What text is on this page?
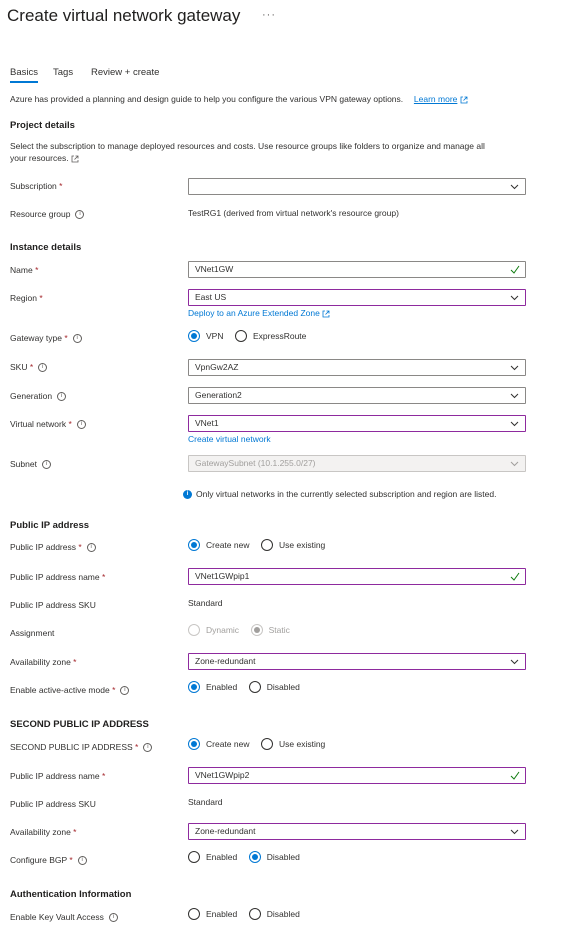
Create virtual network gateway ···
Basics Tags Review + create
Azure has provided a planning and design guide to help you configure the various VPN gateway options. Learn more
Project details
Select the subscription to manage deployed resources and costs. Use resource groups like folders to organize and manage all
your resources.
Subscription *
Resource group i	TestRG1 (derived from virtual network's resource group)
Instance details
Name *	VNet1GW
Region *	East US
Deploy to an Azure Extended Zone
Gateway type * i	VPN	ExpressRoute
SKU * i	VpnGw2AZ
Generation i	Generation2
Virtual network * i	VNet1
Create virtual network
Subnet i	GatewaySubnet (10.1.255.0/27)
i Only virtual networks in the currently selected subscription and region are listed.
Public IP address
Public IP address * i	Create new	Use existing
Public IP address name *	VNet1GWpip1
Public IP address SKU	Standard
Assignment	Dynamic	Static
Availability zone *	Zone-redundant
Enable active-active mode * i	Enabled	Disabled
SECOND PUBLIC IP ADDRESS
SECOND PUBLIC IP ADDRESS * i	Create new	Use existing
Public IP address name *	VNet1GWpip2
Public IP address SKU	Standard
Availability zone *	Zone-redundant
Configure BGP * i	Enabled	Disabled
Authentication Information
Enable Key Vault Access i	Enabled	Disabled
